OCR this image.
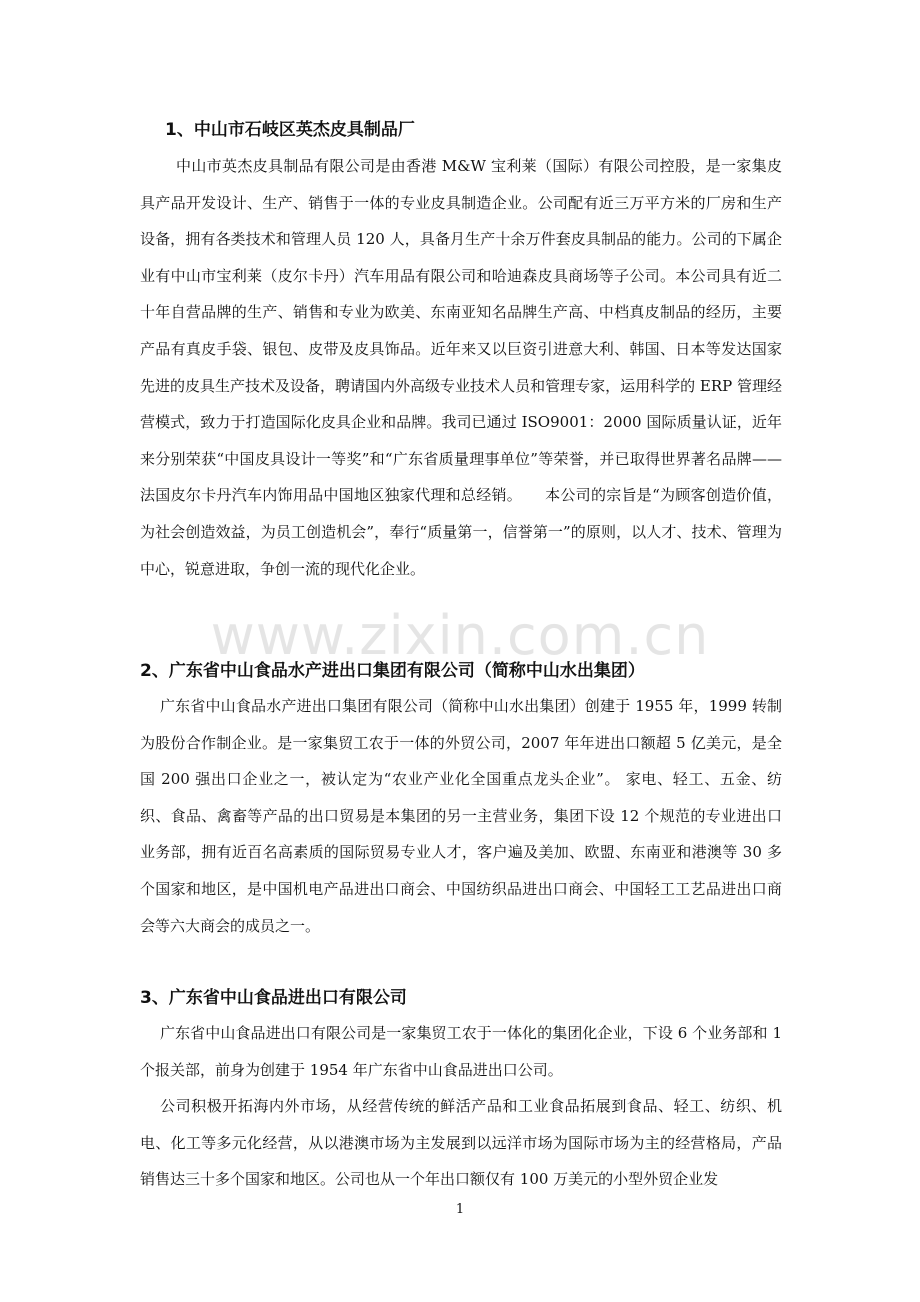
www.zixin.com.cn
1、中山市石岐区英杰皮具制品厂

中山市英杰皮具制品有限公司是由香港 M&W 宝利莱（国际）有限公司控股，是一家集皮具产品开发设计、生产、销售于一体的专业皮具制造企业。公司配有近三万平方米的厂房和生产设备，拥有各类技术和管理人员 120 人，具备月生产十余万件套皮具制品的能力。公司的下属企业有中山市宝利莱（皮尔卡丹）汽车用品有限公司和哈迪森皮具商场等子公司。本公司具有近二十年自营品牌的生产、销售和专业为欧美、东南亚知名品牌生产高、中档真皮制品的经历，主要产品有真皮手袋、银包、皮带及皮具饰品。近年来又以巨资引进意大利、韩国、日本等发达国家先进的皮具生产技术及设备，聘请国内外高级专业技术人员和管理专家，运用科学的 ERP 管理经营模式，致力于打造国际化皮具企业和品牌。我司已通过 ISO9001：2000 国际质量认证，近年来分别荣获“中国皮具设计一等奖”和“广东省质量理事单位”等荣誉，并已取得世界著名品牌——法国皮尔卡丹汽车内饰用品中国地区独家代理和总经销。　　本公司的宗旨是“为顾客创造价值，为社会创造效益，为员工创造机会”，奉行“质量第一，信誉第一”的原则，以人才、技术、管理为中心，锐意进取，争创一流的现代化企业。

2、广东省中山食品水产进出口集团有限公司（简称中山水出集团）

广东省中山食品水产进出口集团有限公司（简称中山水出集团）创建于 1955 年，1999 转制为股份合作制企业。是一家集贸工农于一体的外贸公司，2007 年年进出口额超 5 亿美元，是全国 200 强出口企业之一，被认定为“农业产业化全国重点龙头企业”。 家电、轻工、五金、纺织、食品、禽畜等产品的出口贸易是本集团的另一主营业务，集团下设 12 个规范的专业进出口业务部，拥有近百名高素质的国际贸易专业人才，客户遍及美加、欧盟、东南亚和港澳等 30 多个国家和地区，是中国机电产品进出口商会、中国纺织品进出口商会、中国轻工工艺品进出口商会等六大商会的成员之一。

3、广东省中山食品进出口有限公司

广东省中山食品进出口有限公司是一家集贸工农于一体化的集团化企业，下设 6 个业务部和 1 个报关部，前身为创建于 1954 年广东省中山食品进出口公司。

公司积极开拓海内外市场，从经营传统的鲜活产品和工业食品拓展到食品、轻工、纺织、机电、化工等多元化经营，从以港澳市场为主发展到以远洋市场为国际市场为主的经营格局，产品销售达三十多个国家和地区。公司也从一个年出口额仅有 100 万美元的小型外贸企业发

1
